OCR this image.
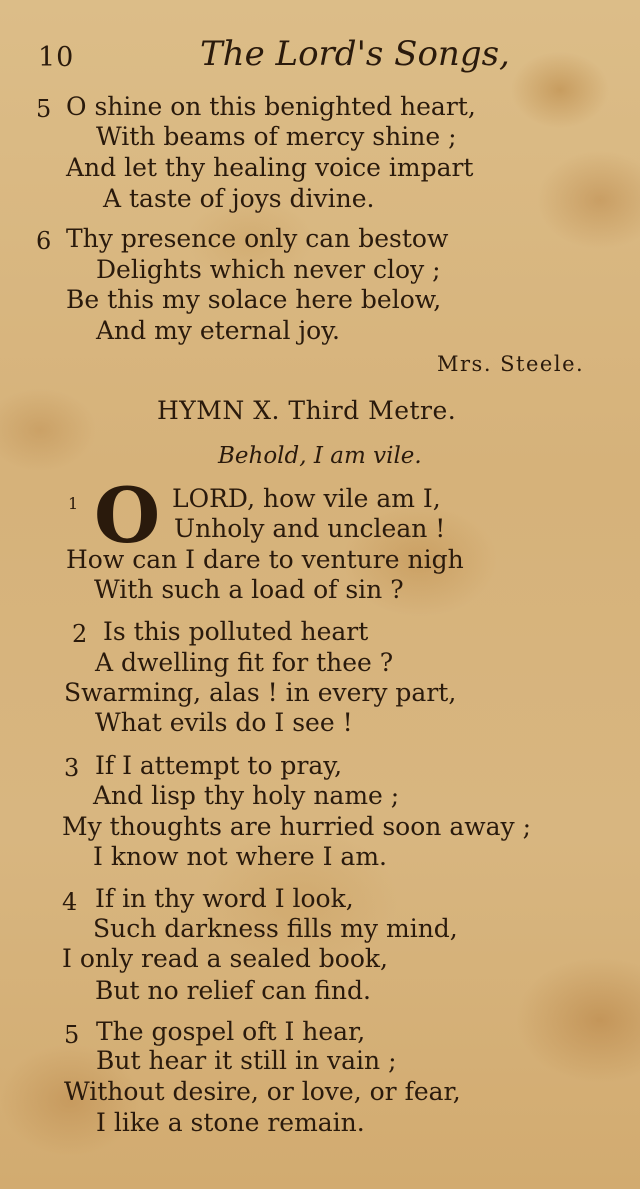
10	The Lord's Songs,
5 O shine on this benighted heart,
With beams of mercy shine ;
And let thy healing voice impart
A taste of joys divine.
6 Thy presence only can bestow
Delights which never cloy ;
Be this my solace here below,
And my eternal joy.
Mrs. Steele.
HYMN X. Third Metre.
Behold, I am vile.
1 O LORD, how vile am I,
Unholy and unclean !
How can I dare to venture nigh
With such a load of sin ?
2 Is this polluted heart
A dwelling fit for thee ?
Swarming, alas ! in every part,
What evils do I see !
3 If I attempt to pray,
And lisp thy holy name ;
My thoughts are hurried soon away ;
I know not where I am.
4 If in thy word I look,
Such darkness fills my mind,
I only read a sealed book,
But no relief can find.
5 The gospel oft I hear,
But hear it still in vain ;
Without desire, or love, or fear,
I like a stone remain.
